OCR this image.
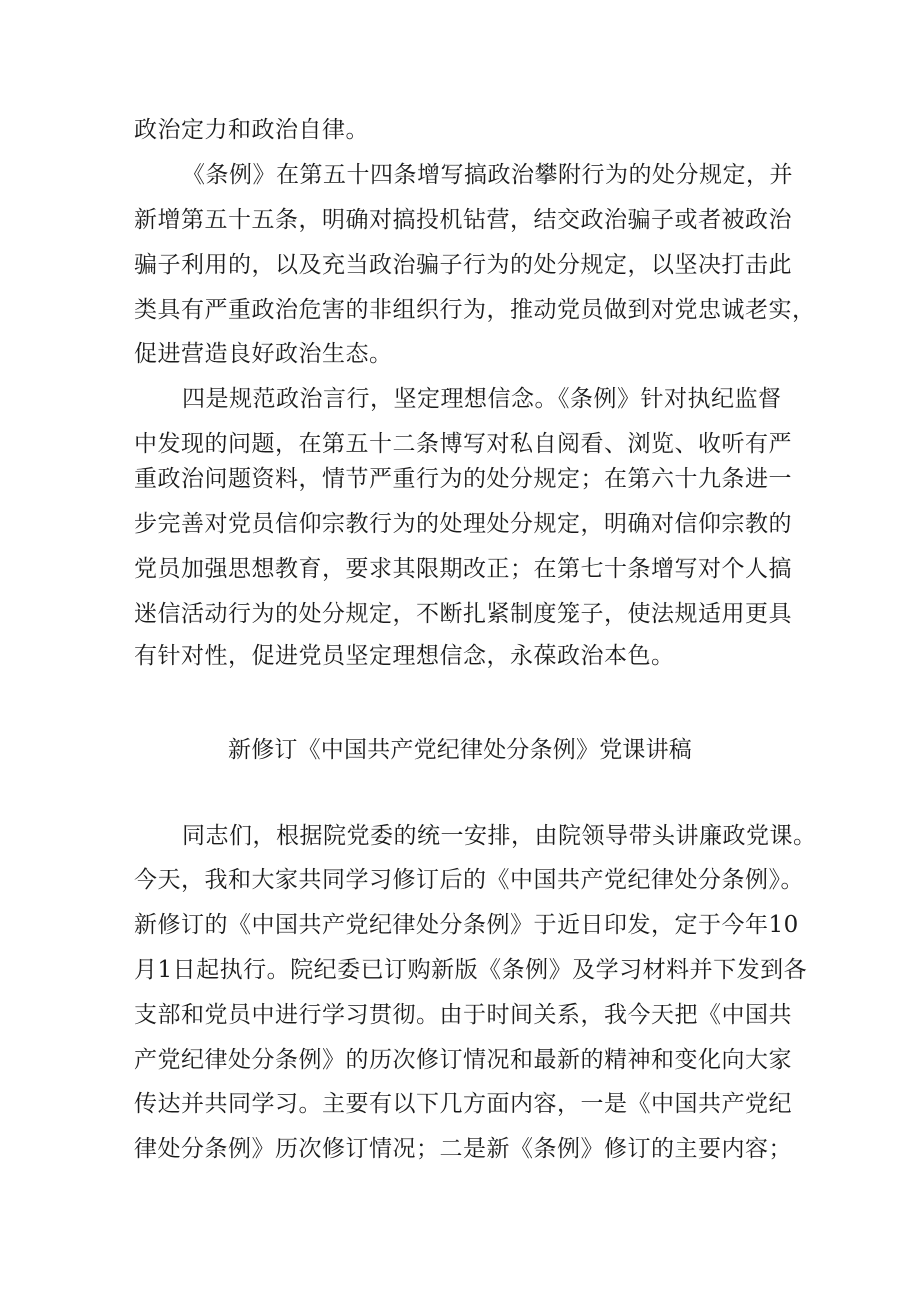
政治定力和政治自律。
《条例》在第五十四条增写搞政治攀附行为的处分规定，并
新增第五十五条，明确对搞投机钻营，结交政治骗子或者被政治
骗子利用的，以及充当政治骗子行为的处分规定，以坚决打击此
类具有严重政治危害的非组织行为，推动党员做到对党忠诚老实，
促进营造良好政治生态。
四是规范政治言行，坚定理想信念。《条例》针对执纪监督
中发现的问题，在第五十二条博写对私自阅看、浏览、收听有严
重政治问题资料，情节严重行为的处分规定；在第六十九条进一
步完善对党员信仰宗教行为的处理处分规定，明确对信仰宗教的
党员加强思想教育，要求其限期改正；在第七十条增写对个人搞
迷信活动行为的处分规定，不断扎紧制度笼子，使法规适用更具
有针对性，促进党员坚定理想信念，永葆政治本色。
新修订《中国共产党纪律处分条例》党课讲稿
同志们，根据院党委的统一安排，由院领导带头讲廉政党课。
今天，我和大家共同学习修订后的《中国共产党纪律处分条例》。
新修订的《中国共产党纪律处分条例》于近日印发，定于今年10
月1日起执行。院纪委已订购新版《条例》及学习材料并下发到各
支部和党员中进行学习贯彻。由于时间关系，我今天把《中国共
产党纪律处分条例》的历次修订情况和最新的精神和变化向大家
传达并共同学习。主要有以下几方面内容，一是《中国共产党纪
律处分条例》历次修订情况；二是新《条例》修订的主要内容；
